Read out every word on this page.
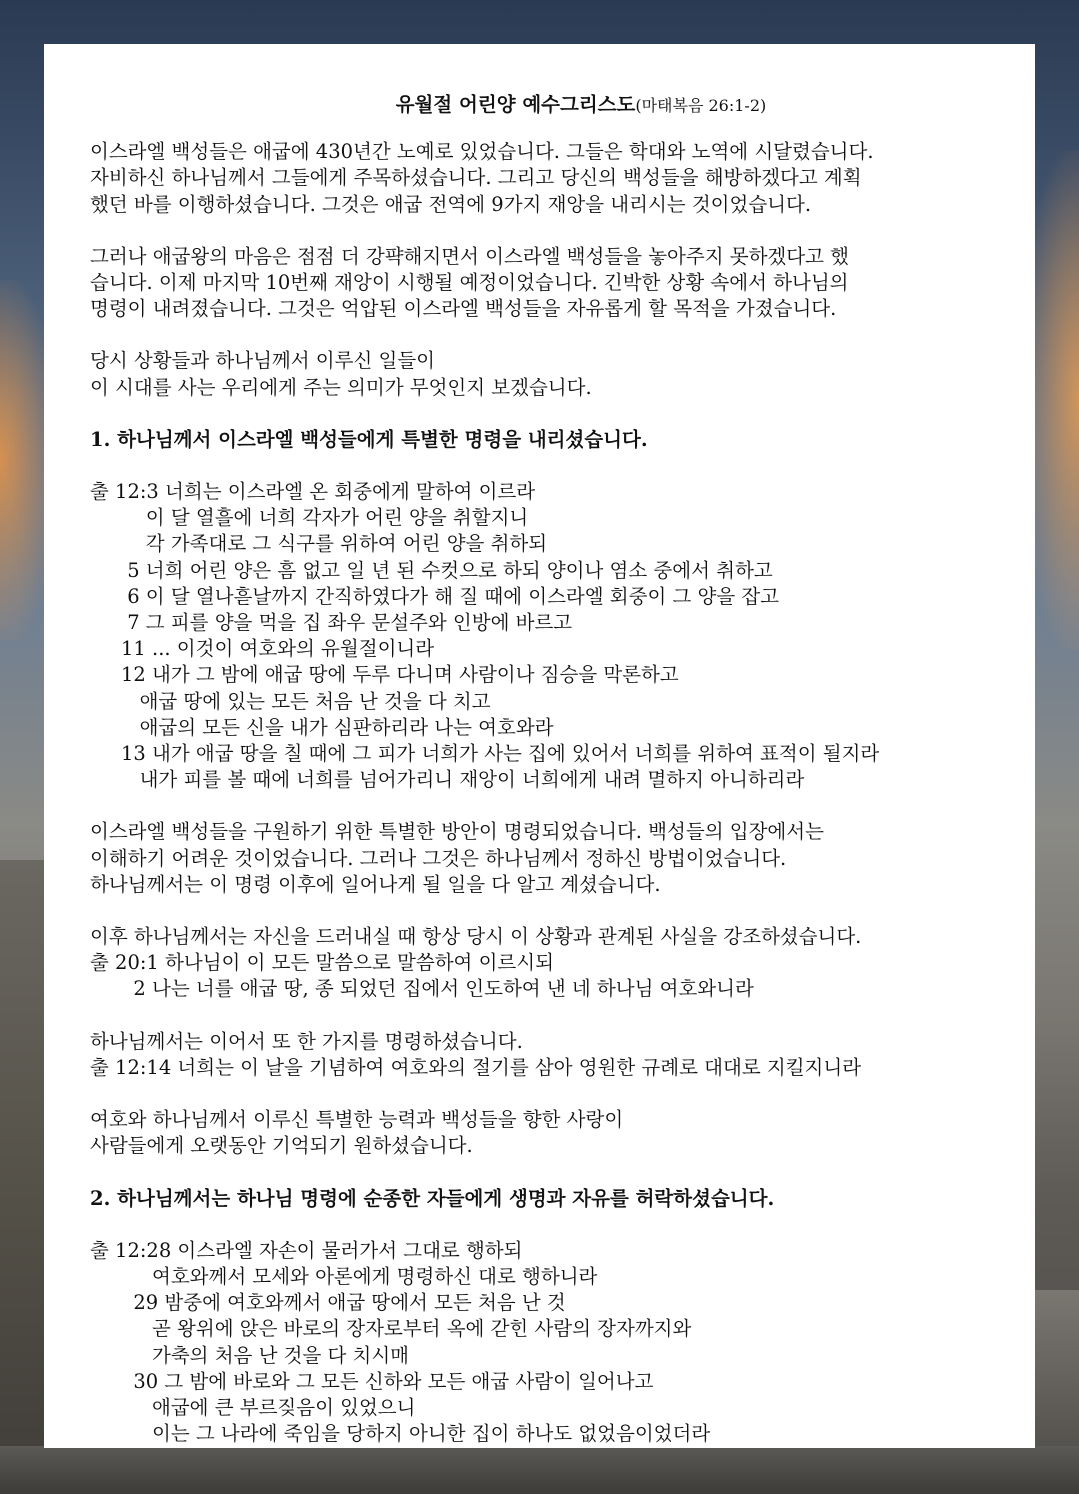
유월절 어린양 예수그리스도(마태복음 26:1-2)
이스라엘 백성들은 애굽에 430년간 노예로 있었습니다. 그들은 학대와 노역에 시달렸습니다.
자비하신 하나님께서 그들에게 주목하셨습니다. 그리고 당신의 백성들을 해방하겠다고 계획
했던 바를 이행하셨습니다. 그것은 애굽 전역에 9가지 재앙을 내리시는 것이었습니다.
그러나 애굽왕의 마음은 점점 더 강퍅해지면서 이스라엘 백성들을 놓아주지 못하겠다고 했
습니다. 이제 마지막 10번째 재앙이 시행될 예정이었습니다. 긴박한 상황 속에서 하나님의
명령이 내려졌습니다. 그것은 억압된 이스라엘 백성들을 자유롭게 할 목적을 가졌습니다.
당시 상황들과 하나님께서 이루신 일들이
이 시대를 사는 우리에게 주는 의미가 무엇인지 보겠습니다.
1. 하나님께서 이스라엘 백성들에게 특별한 명령을 내리셨습니다.
출 12:3 너희는 이스라엘 온 회중에게 말하여 이르라
이 달 열흘에 너희 각자가 어린 양을 취할지니
각 가족대로 그 식구를 위하여 어린 양을 취하되
5 너희 어린 양은 흠 없고 일 년 된 수컷으로 하되 양이나 염소 중에서 취하고
6 이 달 열나흗날까지 간직하였다가 해 질 때에 이스라엘 회중이 그 양을 잡고
7 그 피를 양을 먹을 집 좌우 문설주와 인방에 바르고
11 ... 이것이 여호와의 유월절이니라
12 내가 그 밤에 애굽 땅에 두루 다니며 사람이나 짐승을 막론하고
애굽 땅에 있는 모든 처음 난 것을 다 치고
애굽의 모든 신을 내가 심판하리라 나는 여호와라
13 내가 애굽 땅을 칠 때에 그 피가 너희가 사는 집에 있어서 너희를 위하여 표적이 될지라
내가 피를 볼 때에 너희를 넘어가리니 재앙이 너희에게 내려 멸하지 아니하리라
이스라엘 백성들을 구원하기 위한 특별한 방안이 명령되었습니다. 백성들의 입장에서는
이해하기 어려운 것이었습니다. 그러나 그것은 하나님께서 정하신 방법이었습니다.
하나님께서는 이 명령 이후에 일어나게 될 일을 다 알고 계셨습니다.
이후 하나님께서는 자신을 드러내실 때 항상 당시 이 상황과 관계된 사실을 강조하셨습니다.
출 20:1 하나님이 이 모든 말씀으로 말씀하여 이르시되
2 나는 너를 애굽 땅, 종 되었던 집에서 인도하여 낸 네 하나님 여호와니라
하나님께서는 이어서 또 한 가지를 명령하셨습니다.
출 12:14 너희는 이 날을 기념하여 여호와의 절기를 삼아 영원한 규례로 대대로 지킬지니라
여호와 하나님께서 이루신 특별한 능력과 백성들을 향한 사랑이
사람들에게 오랫동안 기억되기 원하셨습니다.
2. 하나님께서는 하나님 명령에 순종한 자들에게 생명과 자유를 허락하셨습니다.
출 12:28 이스라엘 자손이 물러가서 그대로 행하되
여호와께서 모세와 아론에게 명령하신 대로 행하니라
29 밤중에 여호와께서 애굽 땅에서 모든 처음 난 것
곧 왕위에 앉은 바로의 장자로부터 옥에 갇힌 사람의 장자까지와
가축의 처음 난 것을 다 치시매
30 그 밤에 바로와 그 모든 신하와 모든 애굽 사람이 일어나고
애굽에 큰 부르짖음이 있었으니
이는 그 나라에 죽임을 당하지 아니한 집이 하나도 없었음이었더라
